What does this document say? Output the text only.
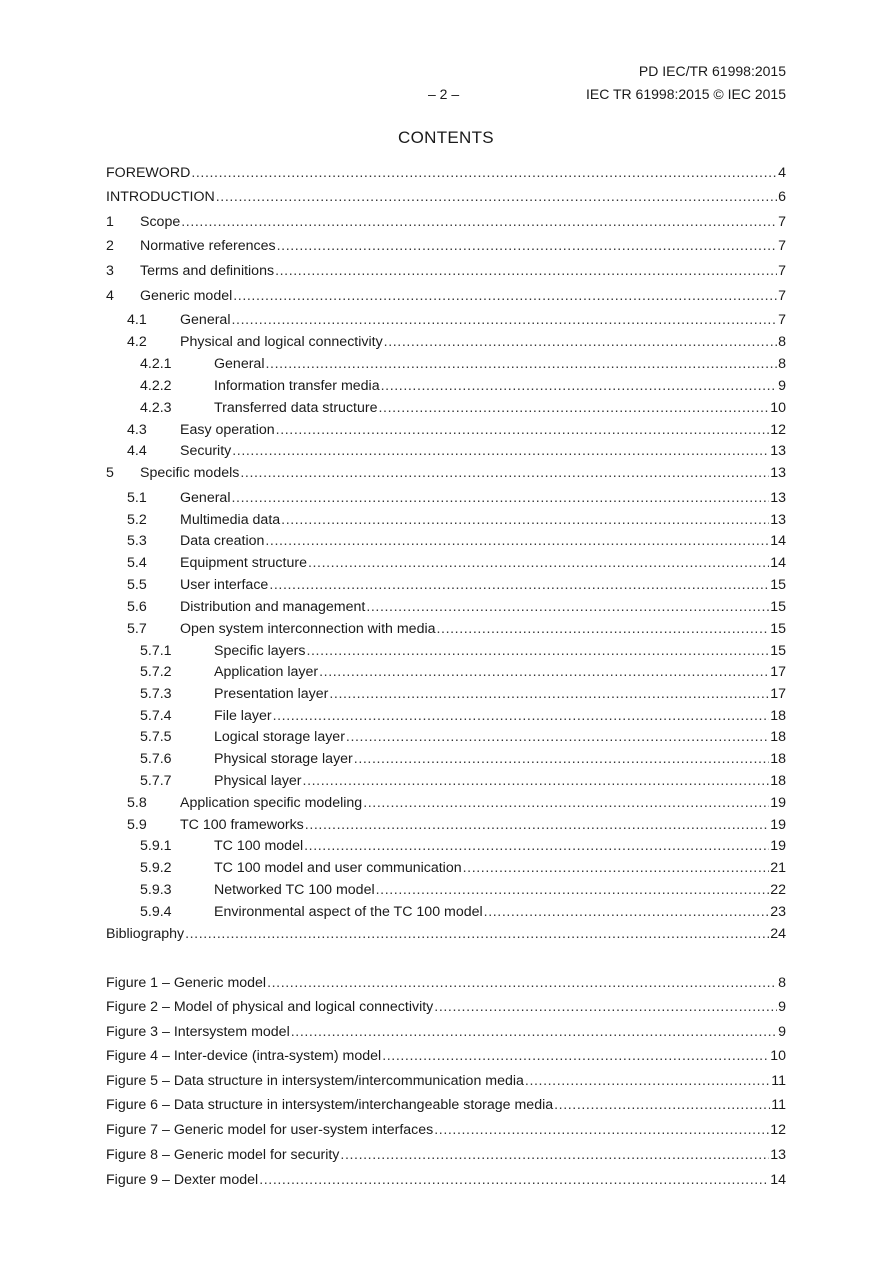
PD IEC/TR 61998:2015
– 2 –	IEC TR 61998:2015 © IEC 2015
CONTENTS
FOREWORD .....	4
INTRODUCTION .....	6
1	Scope .....	7
2	Normative references .....	7
3	Terms and definitions .....	7
4	Generic model .....	7
4.1	General .....	7
4.2	Physical and logical connectivity .....	8
4.2.1	General .....	8
4.2.2	Information transfer media .....	9
4.2.3	Transferred data structure .....	10
4.3	Easy operation .....	12
4.4	Security .....	13
5	Specific models .....	13
5.1	General .....	13
5.2	Multimedia data .....	13
5.3	Data creation .....	14
5.4	Equipment structure .....	14
5.5	User interface .....	15
5.6	Distribution and management .....	15
5.7	Open system interconnection with media .....	15
5.7.1	Specific layers .....	15
5.7.2	Application layer .....	17
5.7.3	Presentation layer .....	17
5.7.4	File layer .....	18
5.7.5	Logical storage layer .....	18
5.7.6	Physical storage layer .....	18
5.7.7	Physical layer .....	18
5.8	Application specific modeling .....	19
5.9	TC 100 frameworks .....	19
5.9.1	TC 100 model .....	19
5.9.2	TC 100 model and user communication .....	21
5.9.3	Networked TC 100 model .....	22
5.9.4	Environmental aspect of the TC 100 model .....	23
Bibliography .....	24
Figure 1 – Generic model .....	8
Figure 2 – Model of physical and logical connectivity .....	9
Figure 3 – Intersystem model .....	9
Figure 4 – Inter-device (intra-system) model .....	10
Figure 5 – Data structure in intersystem/intercommunication media .....	11
Figure 6 – Data structure in intersystem/interchangeable storage media .....	11
Figure 7 – Generic model for user-system interfaces .....	12
Figure 8 – Generic model for security .....	13
Figure 9 – Dexter model .....	14
